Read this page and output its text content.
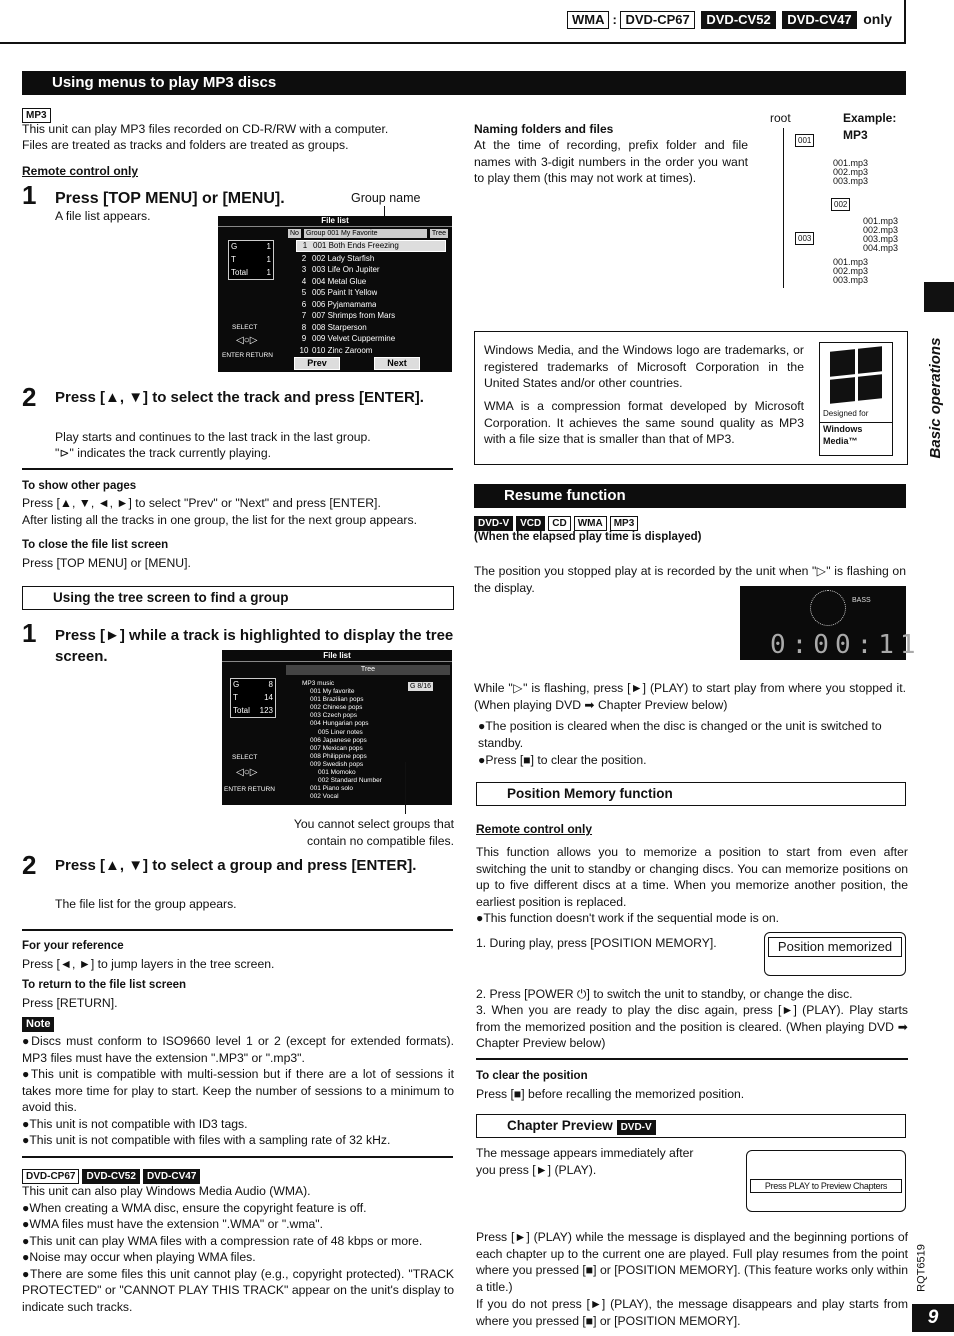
WMA : DVD-CP67 DVD-CV52 DVD-CV47 only
Using menus to play MP3 discs
MP3
This unit can play MP3 files recorded on CD-R/RW with a computer.
Files are treated as tracks and folders are treated as groups.
Remote control only
1 Press [TOP MENU] or [MENU].
A file list appears.
Group name
File list
No Group 001 My Favorite	Tree
G	1
T	1
Total 1
1 001 Both Ends Freezing
2 002 Lady Starfish
3 003 Life On Jupiter
4 004 Metal Glue
5 005 Paint It Yellow
6 006 Pyjamamama
7 007 Shrimps from Mars
8 008 Starperson
9 009 Velvet Cuppermine
10 010 Zinc Zaroom
SELECT
◁○▷
ENTER RETURN
Prev	Next
2 Press [▲, ▼] to select the track and press [ENTER].
Play starts and continues to the last track in the last group.
"⊳" indicates the track currently playing.
To show other pages
Press [▲, ▼, ◄, ►] to select "Prev" or "Next" and press [ENTER].
After listing all the tracks in one group, the list for the next group appears.
To close the file list screen
Press [TOP MENU] or [MENU].
Using the tree screen to find a group
1 Press [►] while a track is highlighted to display the tree screen.	File list
Tree
G	8
T	14
Total 123
G 8/16
MP3 music
001 My favorite
001 Brazilian pops
002 Chinese pops
003 Czech pops
004 Hungarian pops
005 Liner notes
006 Japanese pops
007 Mexican pops
008 Philippine pops
009 Swedish pops
001 Momoko
002 Standard Number
001 Piano solo
002 Vocal
SELECT
◁○▷
ENTER RETURN
You cannot select groups that contain no compatible files.
2 Press [▲, ▼] to select a group and press [ENTER].
The file list for the group appears.
For your reference
Press [◄, ►] to jump layers in the tree screen.
To return to the file list screen
Press [RETURN].
Note
●Discs must conform to ISO9660 level 1 or 2 (except for extended formats). MP3 files must have the extension ".MP3" or ".mp3".
●This unit is compatible with multi-session but if there are a lot of sessions it takes more time for play to start. Keep the number of sessions to a minimum to avoid this.
●This unit is not compatible with ID3 tags.
●This unit is not compatible with files with a sampling rate of 32 kHz.
DVD-CP67 DVD-CV52 DVD-CV47
This unit can also play Windows Media Audio (WMA).
●When creating a WMA disc, ensure the copyright feature is off.
●WMA files must have the extension ".WMA" or ".wma".
●This unit can play WMA files with a compression rate of 48 kbps or more.
●Noise may occur when playing WMA files.
●There are some files this unit cannot play (e.g., copyright protected). "TRACK PROTECTED" or "CANNOT PLAY THIS TRACK" appear on the unit's display to indicate such tracks.
Naming folders and files
At the time of recording, prefix folder and file names with 3-digit numbers in the order you want to play them (this may not work at times).
root	Example:
MP3
001
002
003
001.mp3
002.mp3
003.mp3
001.mp3
002.mp3
003.mp3
004.mp3
001.mp3
002.mp3
003.mp3
Windows Media, and the Windows logo are trademarks, or registered trademarks of Microsoft Corporation in the United States and/or other countries.
WMA is a compression format developed by Microsoft Corporation. It achieves the same sound quality as MP3 with a file size that is smaller than that of MP3.
Designed for
Windows
Media™
Resume function
DVD-V VCD CD WMA MP3
(When the elapsed play time is displayed)
The position you stopped play at is recorded by the unit when "▷" is flashing on the display.
BASS
0:00:11
While "▷" is flashing, press [►] (PLAY) to start play from where you stopped it. (When playing DVD ➡ Chapter Preview below)
●The position is cleared when the disc is changed or the unit is switched to standby.
●Press [■] to clear the position.
Position Memory function
Remote control only
This function allows you to memorize a position to start from even after switching the unit to standby or changing discs. You can memorize positions on up to five different discs at a time. When you memorize another position, the earliest position is replaced.
●This function doesn't work if the sequential mode is on.
1. During play, press [POSITION MEMORY].	Position memorized
2. Press [POWER ⏻] to switch the unit to standby, or change the disc.
3. When you are ready to play the disc again, press [►] (PLAY). Play starts from the memorized position and the position is cleared. (When playing DVD ➡ Chapter Preview below)
To clear the position
Press [■] before recalling the memorized position.
Chapter Preview DVD-V
The message appears immediately after you press [►] (PLAY).
Press PLAY to Preview Chapters
Press [►] (PLAY) while the message is displayed and the beginning portions of each chapter up to the current one are played. Full play resumes from the point where you pressed [■] or [POSITION MEMORY]. (This feature works only within a title.)
If you do not press [►] (PLAY), the message disappears and play starts from where you pressed [■] or [POSITION MEMORY].
Basic operations
RQT6519
9
